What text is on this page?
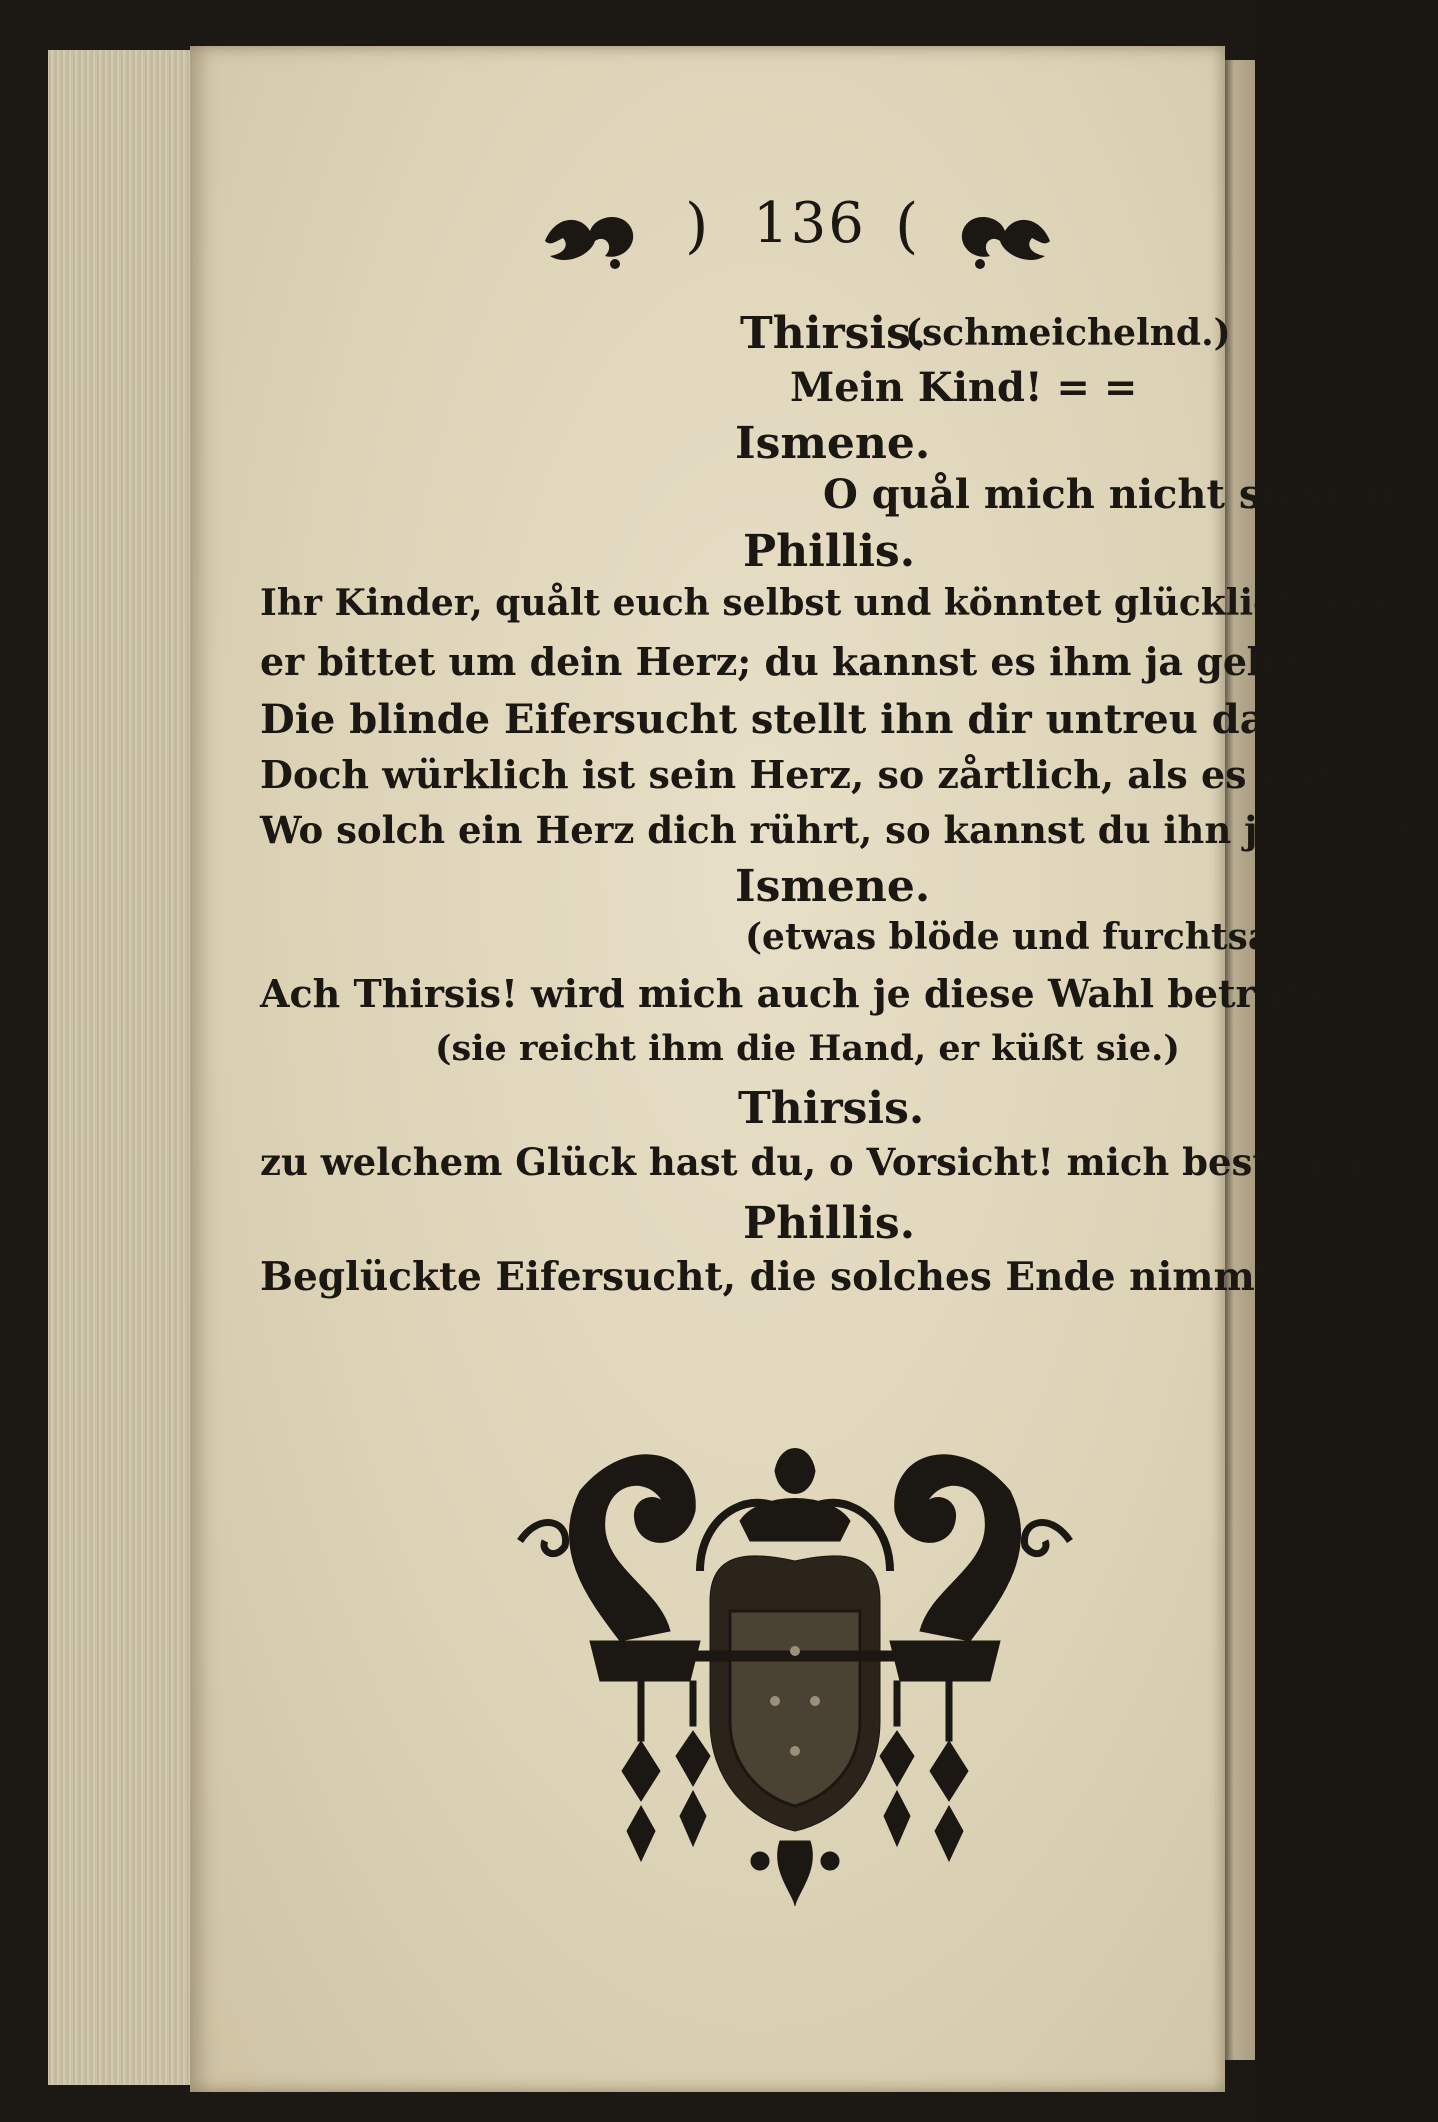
) 136 (
Thirsis.
(schmeichelnd.)
Mein Kind! = =
Ismene.
O quål mich nicht so sehr.
Phillis.
Ihr Kinder, quålt euch selbst und könntet glücklich leben:
er bittet um dein Herz; du kannst es ihm ja geben.
Die blinde Eifersucht stellt ihn dir untreu dar;
Doch würklich ist sein Herz, so zårtlich, als es war.
Wo solch ein Herz dich rührt, so kannst du ihn ja lieben.
Ismene.
(etwas blöde und furchtsam)
Ach Thirsis! wird mich auch je diese Wahl betrüben!
(sie reicht ihm die Hand, er küßt sie.)
Thirsis.
zu welchem Glück hast du, o Vorsicht! mich bestimmt!
Phillis.
Beglückte Eifersucht, die solches Ende nimmt!
